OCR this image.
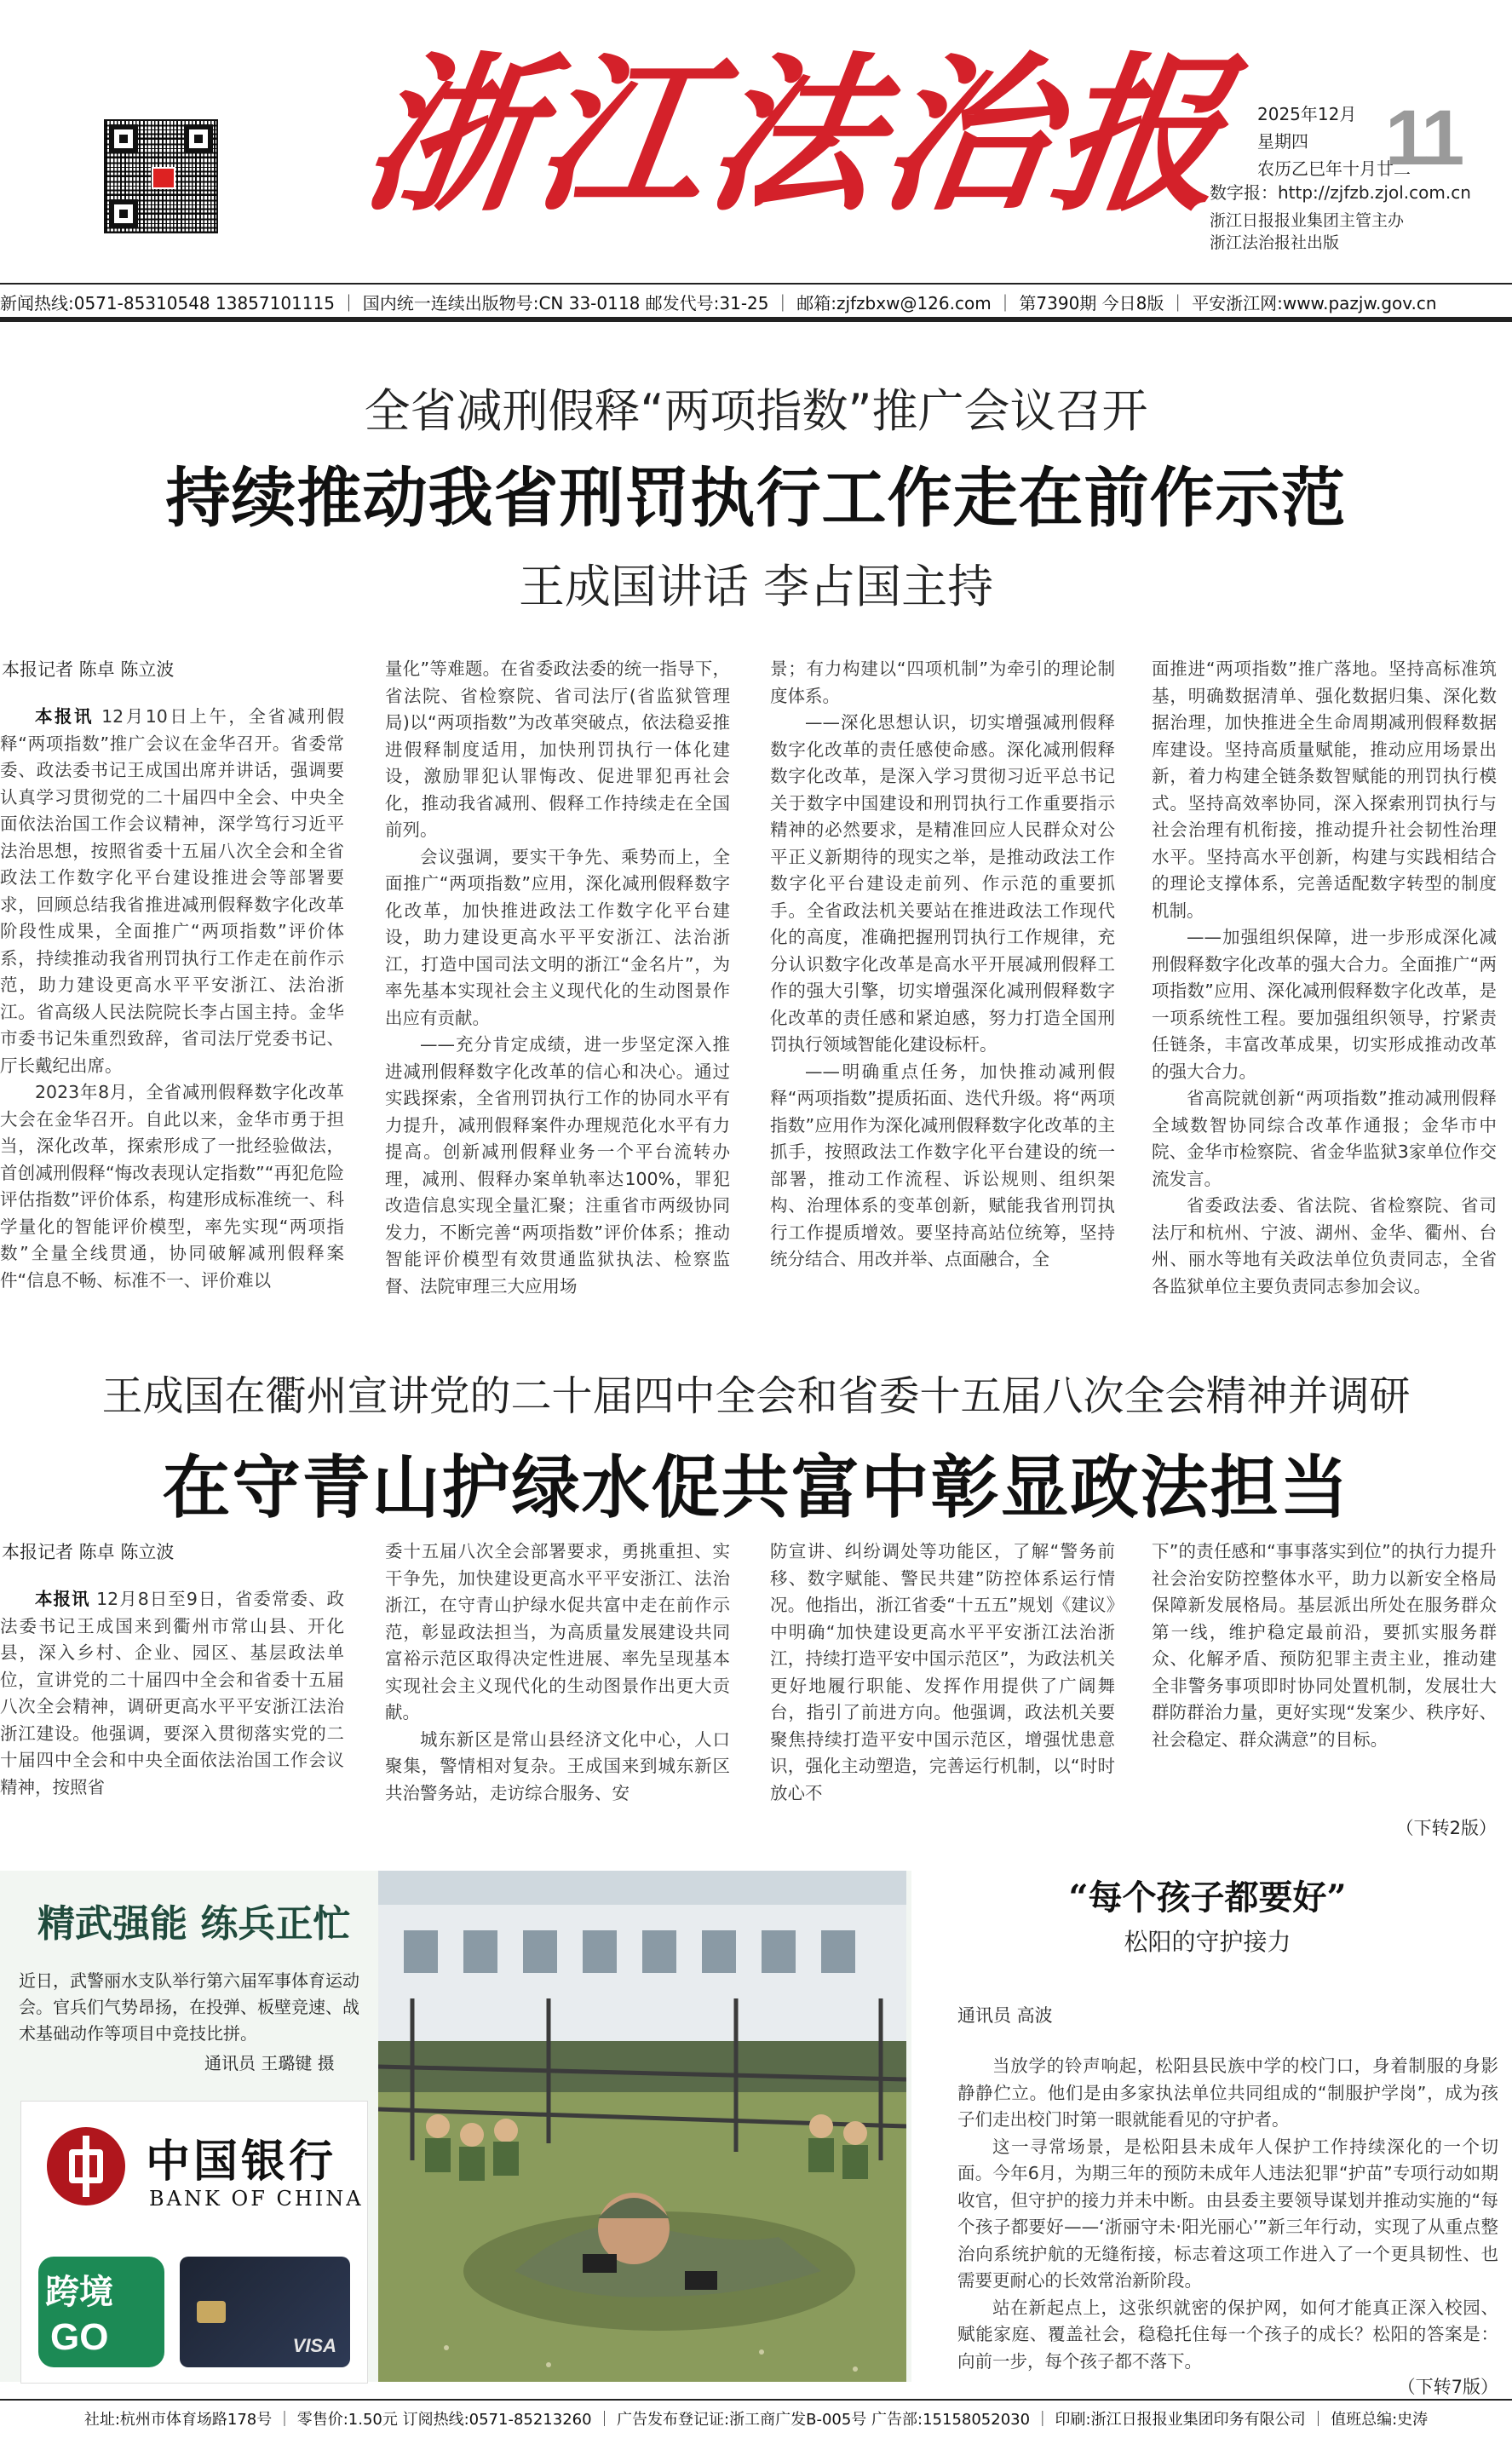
浙江法治报 2025年12月
星期四
农历乙巳年十月廿二
11
数字报：http://zjfzb.zjol.com.cn
浙江日报报业集团主管主办
浙江法治报社出版
新闻热线:0571-85310548 13857101115 ｜ 国内统一连续出版物号:CN 33-0118 邮发代号:31-25 ｜ 邮箱:zjfzbxw@126.com ｜ 第7390期 今日8版 ｜ 平安浙江网:www.pazjw.gov.cn
全省减刑假释“两项指数”推广会议召开
持续推动我省刑罚执行工作走在前作示范
王成国讲话 李占国主持
本报记者 陈卓 陈立波

本报讯 12月10日上午，全省减刑假释“两项指数”推广会议在金华召开。省委常委、政法委书记王成国出席并讲话，强调要认真学习贯彻党的二十届四中全会、中央全面依法治国工作会议精神，深学笃行习近平法治思想，按照省委十五届八次全会和全省政法工作数字化平台建设推进会等部署要求，回顾总结我省推进减刑假释数字化改革阶段性成果，全面推广“两项指数”评价体系，持续推动我省刑罚执行工作走在前作示范，助力建设更高水平平安浙江、法治浙江。省高级人民法院院长李占国主持。金华市委书记朱重烈致辞，省司法厅党委书记、厅长戴纪出席。

2023年8月，全省减刑假释数字化改革大会在金华召开。自此以来，金华市勇于担当，深化改革，探索形成了一批经验做法，首创减刑假释“悔改表现认定指数”“再犯危险评估指数”评价体系，构建形成标准统一、科学量化的智能评价模型，率先实现“两项指数”全量全线贯通，协同破解减刑假释案件“信息不畅、标准不一、评价难以

量化”等难题。在省委政法委的统一指导下，省法院、省检察院、省司法厅(省监狱管理局)以“两项指数”为改革突破点，依法稳妥推进假释制度适用，加快刑罚执行一体化建设，激励罪犯认罪悔改、促进罪犯再社会化，推动我省减刑、假释工作持续走在全国前列。

会议强调，要实干争先、乘势而上，全面推广“两项指数”应用，深化减刑假释数字化改革，加快推进政法工作数字化平台建设，助力建设更高水平平安浙江、法治浙江，打造中国司法文明的浙江“金名片”，为率先基本实现社会主义现代化的生动图景作出应有贡献。

——充分肯定成绩，进一步坚定深入推进减刑假释数字化改革的信心和决心。通过实践探索，全省刑罚执行工作的协同水平有力提升，减刑假释案件办理规范化水平有力提高。创新减刑假释业务一个平台流转办理，减刑、假释办案单轨率达100%，罪犯改造信息实现全量汇聚；注重省市两级协同发力，不断完善“两项指数”评价体系；推动智能评价模型有效贯通监狱执法、检察监督、法院审理三大应用场

景；有力构建以“四项机制”为牵引的理论制度体系。

——深化思想认识，切实增强减刑假释数字化改革的责任感使命感。深化减刑假释数字化改革，是深入学习贯彻习近平总书记关于数字中国建设和刑罚执行工作重要指示精神的必然要求，是精准回应人民群众对公平正义新期待的现实之举，是推动政法工作数字化平台建设走前列、作示范的重要抓手。全省政法机关要站在推进政法工作现代化的高度，准确把握刑罚执行工作规律，充分认识数字化改革是高水平开展减刑假释工作的强大引擎，切实增强深化减刑假释数字化改革的责任感和紧迫感，努力打造全国刑罚执行领域智能化建设标杆。

——明确重点任务，加快推动减刑假释“两项指数”提质拓面、迭代升级。将“两项指数”应用作为深化减刑假释数字化改革的主抓手，按照政法工作数字化平台建设的统一部署，推动工作流程、诉讼规则、组织架构、治理体系的变革创新，赋能我省刑罚执行工作提质增效。要坚持高站位统筹，坚持统分结合、用改并举、点面融合，全

面推进“两项指数”推广落地。坚持高标准筑基，明确数据清单、强化数据归集、深化数据治理，加快推进全生命周期减刑假释数据库建设。坚持高质量赋能，推动应用场景出新，着力构建全链条数智赋能的刑罚执行模式。坚持高效率协同，深入探索刑罚执行与社会治理有机衔接，推动提升社会韧性治理水平。坚持高水平创新，构建与实践相结合的理论支撑体系，完善适配数字转型的制度机制。

——加强组织保障，进一步形成深化减刑假释数字化改革的强大合力。全面推广“两项指数”应用、深化减刑假释数字化改革，是一项系统性工程。要加强组织领导，拧紧责任链条，丰富改革成果，切实形成推动改革的强大合力。

省高院就创新“两项指数”推动减刑假释全域数智协同综合改革作通报；金华市中院、金华市检察院、省金华监狱3家单位作交流发言。

省委政法委、省法院、省检察院、省司法厅和杭州、宁波、湖州、金华、衢州、台州、丽水等地有关政法单位负责同志，全省各监狱单位主要负责同志参加会议。

王成国在衢州宣讲党的二十届四中全会和省委十五届八次全会精神并调研
在守青山护绿水促共富中彰显政法担当
本报记者 陈卓 陈立波

本报讯 12月8日至9日，省委常委、政法委书记王成国来到衢州市常山县、开化县，深入乡村、企业、园区、基层政法单位，宣讲党的二十届四中全会和省委十五届八次全会精神，调研更高水平平安浙江法治浙江建设。他强调，要深入贯彻落实党的二十届四中全会和中央全面依法治国工作会议精神，按照省

委十五届八次全会部署要求，勇挑重担、实干争先，加快建设更高水平平安浙江、法治浙江，在守青山护绿水促共富中走在前作示范，彰显政法担当，为高质量发展建设共同富裕示范区取得决定性进展、率先呈现基本实现社会主义现代化的生动图景作出更大贡献。

城东新区是常山县经济文化中心，人口聚集，警情相对复杂。王成国来到城东新区共治警务站，走访综合服务、安

防宣讲、纠纷调处等功能区，了解“警务前移、数字赋能、警民共建”防控体系运行情况。他指出，浙江省委“十五五”规划《建议》中明确“加快建设更高水平平安浙江法治浙江，持续打造平安中国示范区”，为政法机关更好地履行职能、发挥作用提供了广阔舞台，指引了前进方向。他强调，政法机关要聚焦持续打造平安中国示范区，增强忧患意识，强化主动塑造，完善运行机制，以“时时放心不

下”的责任感和“事事落实到位”的执行力提升社会治安防控整体水平，助力以新安全格局保障新发展格局。基层派出所处在服务群众第一线，维护稳定最前沿，要抓实服务群众、化解矛盾、预防犯罪主责主业，推动建全非警务事项即时协同处置机制，发展壮大群防群治力量，更好实现“发案少、秩序好、社会稳定、群众满意”的目标。

（下转2版）
精武强能 练兵正忙
近日，武警丽水支队举行第六届军事体育运动会。官兵们气势昂扬，在投弹、板壁竞速、战术基础动作等项目中竞技比拼。
通讯员 王璐键 摄
中国银行
BANK OF CHINA
跨境
GO	VISA
“每个孩子都要好”
松阳的守护接力
通讯员 高波

当放学的铃声响起，松阳县民族中学的校门口，身着制服的身影静静伫立。他们是由多家执法单位共同组成的“制服护学岗”，成为孩子们走出校门时第一眼就能看见的守护者。

这一寻常场景，是松阳县未成年人保护工作持续深化的一个切面。今年6月，为期三年的预防未成年人违法犯罪“护苗”专项行动如期收官，但守护的接力并未中断。由县委主要领导谋划并推动实施的“每个孩子都要好——‘浙丽守未·阳光丽心’”新三年行动，实现了从重点整治向系统护航的无缝衔接，标志着这项工作进入了一个更具韧性、也需要更耐心的长效常治新阶段。

站在新起点上，这张织就密的保护网，如何才能真正深入校园、赋能家庭、覆盖社会，稳稳托住每一个孩子的成长？松阳的答案是：向前一步，每个孩子都不落下。

（下转7版）
社址:杭州市体育场路178号 ｜ 零售价:1.50元 订阅热线:0571-85213260 ｜ 广告发布登记证:浙工商广发B-005号 广告部:15158052030 ｜ 印刷:浙江日报报业集团印务有限公司 ｜ 值班总编:史涛
